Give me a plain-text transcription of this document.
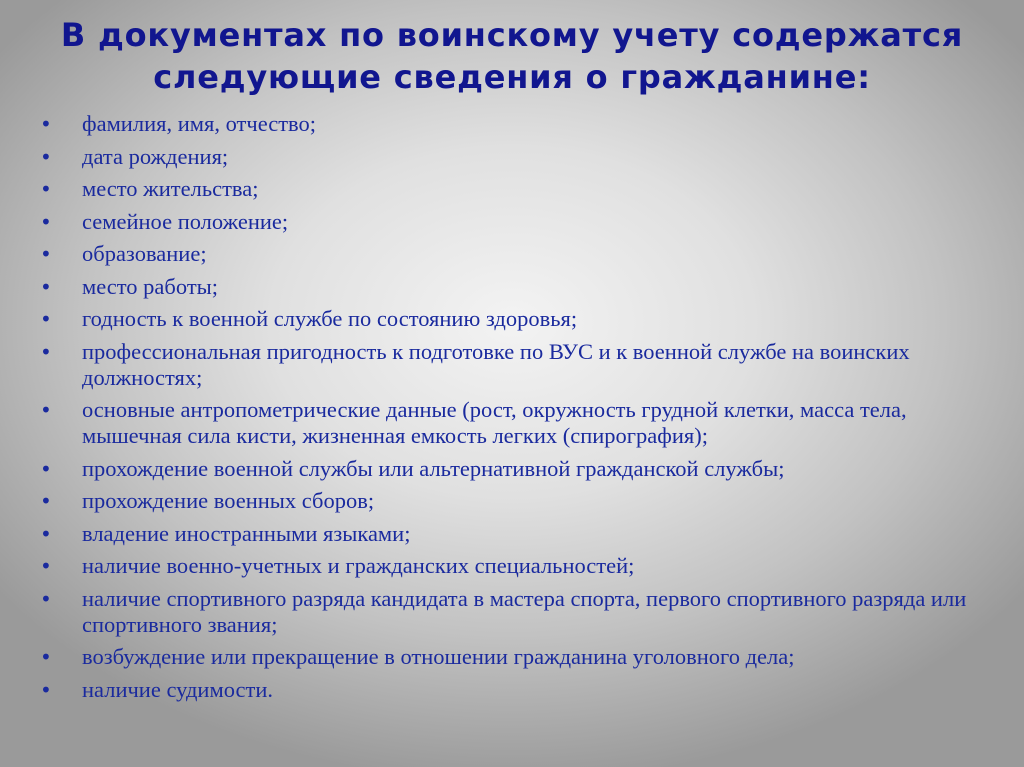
В документах по воинскому учету содержатся
следующие сведения о гражданине:
• фамилия, имя, отчество;
• дата рождения;
• место жительства;
• семейное положение;
• образование;
• место работы;
• годность к военной службе по состоянию здоровья;
• профессиональная пригодность к подготовке по ВУС и к военной службе на воинских должностях;
• основные антропометрические данные (рост, окружность грудной клетки, масса тела, мышечная сила кисти, жизненная емкость легких (спирография);
• прохождение военной службы или альтернативной гражданской службы;
• прохождение военных сборов;
• владение иностранными языками;
• наличие военно-учетных и гражданских специальностей;
• наличие спортивного разряда кандидата в мастера спорта, первого спортивного разряда или спортивного звания;
• возбуждение или прекращение в отношении гражданина уголовного дела;
• наличие судимости.
